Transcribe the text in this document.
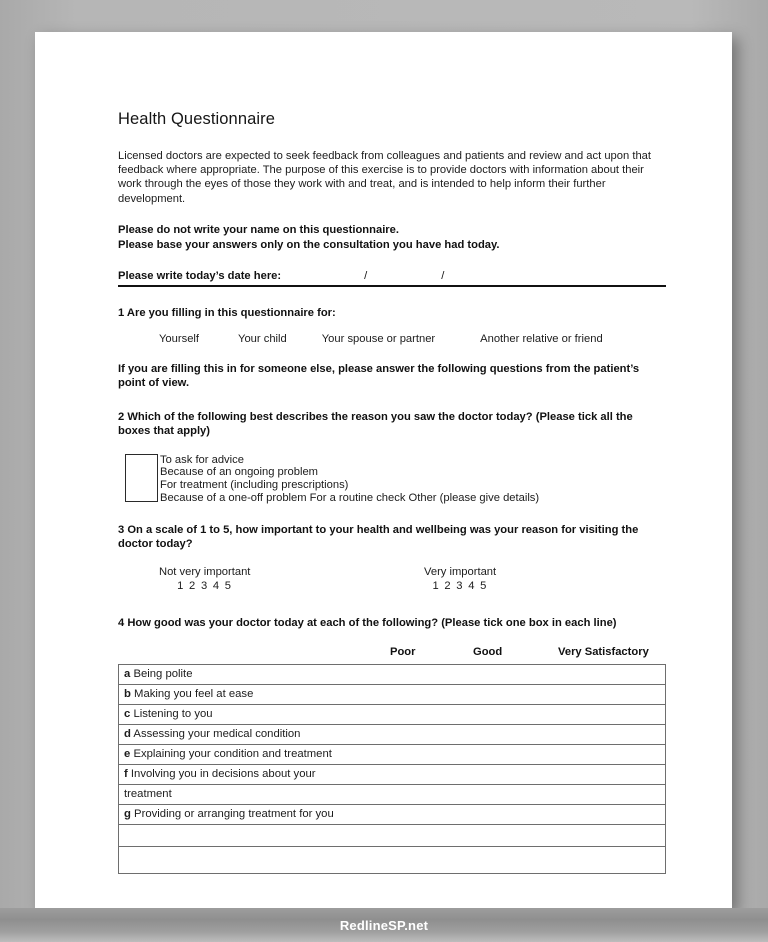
Health Questionnaire

Licensed doctors are expected to seek feedback from colleagues and patients and review and act upon that feedback where appropriate. The purpose of this exercise is to provide doctors with information about their work through the eyes of those they work with and treat, and is intended to help inform their further development.

Please do not write your name on this questionnaire.
Please base your answers only on the consultation you have had today.
Please write today’s date here:	/	/
1 Are you filling in this questionnaire for:
Yourself	Your child	Your spouse or partner	Another relative or friend
If you are filling this in for someone else, please answer the following questions from the patient’s point of view.
2 Which of the following best describes the reason you saw the doctor today? (Please tick all the boxes that apply)
To ask for advice
Because of an ongoing problem
For treatment (including prescriptions)
Because of a one-off problem For a routine check Other (please give details)
3 On a scale of 1 to 5, how important to your health and wellbeing was your reason for visiting the doctor today?
Not very important
1 2 3 4 5
Very important
1 2 3 4 5
4 How good was your doctor today at each of the following? (Please tick one box in each line)
Poor	Good	Very Satisfactory
a Being polite
b Making you feel at ease
c Listening to you
d Assessing your medical condition
e Explaining your condition and treatment
f Involving you in decisions about your
treatment
g Providing or arranging treatment for you

RedlineSP.net
